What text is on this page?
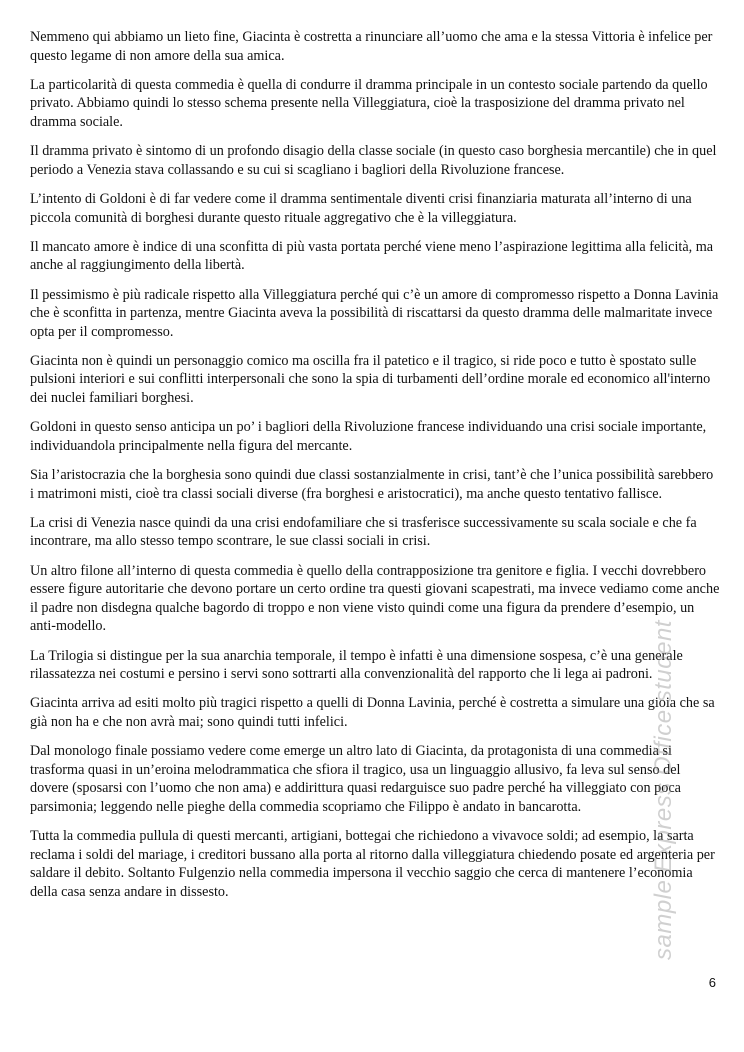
Nemmeno qui abbiamo un lieto fine, Giacinta è costretta a rinunciare all’uomo che ama e la stessa Vittoria è infelice per questo legame di non amore della sua amica.

La particolarità di questa commedia è quella di condurre il dramma principale in un contesto sociale partendo da quello privato. Abbiamo quindi lo stesso schema presente nella Villeggiatura, cioè la trasposizione del dramma privato nel dramma sociale.

Il dramma privato è sintomo di un profondo disagio della classe sociale (in questo caso borghesia mercantile) che in quel periodo a Venezia stava collassando e su cui si scagliano i bagliori della Rivoluzione francese.

L’intento di Goldoni è di far vedere come il dramma sentimentale diventi crisi finanziaria maturata all’interno di una piccola comunità di borghesi durante questo rituale aggregativo che è la villeggiatura.

Il mancato amore è indice di una sconfitta di più vasta portata perché viene meno l’aspirazione legittima alla felicità, ma anche al raggiungimento della libertà.

Il pessimismo è più radicale rispetto alla Villeggiatura perché qui c’è un amore di compromesso rispetto a Donna Lavinia che è sconfitta in partenza, mentre Giacinta aveva la possibilità di riscattarsi da questo dramma delle malmaritate invece opta per il compromesso.

Giacinta non è quindi un personaggio comico ma oscilla fra il patetico e il tragico, si ride poco e tutto è spostato sulle pulsioni interiori e sui conflitti interpersonali che sono la spia di turbamenti dell’ordine morale ed economico all'interno dei nuclei familiari borghesi.

Goldoni in questo senso anticipa un po’ i bagliori della Rivoluzione francese individuando una crisi sociale importante, individuandola principalmente nella figura del mercante.

Sia l’aristocrazia che la borghesia sono quindi due classi sostanzialmente in crisi, tant’è che l’unica possibilità sarebbero i matrimoni misti, cioè tra classi sociali diverse (fra borghesi e aristocratici), ma anche questo tentativo fallisce.

La crisi di Venezia nasce quindi da una crisi endofamiliare che si trasferisce successivamente su scala sociale e che fa incontrare, ma allo stesso tempo scontrare, le sue classi sociali in crisi.

Un altro filone all’interno di questa commedia è quello della contrapposizione tra genitore e figlia. I vecchi dovrebbero essere figure autoritarie che devono portare un certo ordine tra questi giovani scapestrati, ma invece vediamo come anche il padre non disdegna qualche bagordo di troppo e non viene visto quindi come una figura da prendere d’esempio, un anti-modello.

La Trilogia si distingue per la sua anarchia temporale, il tempo è infatti è una dimensione sospesa, c’è una generale rilassatezza nei costumi e persino i servi sono sottrarti alla convenzionalità del rapporto che li lega ai padroni.

Giacinta arriva ad esiti molto più tragici rispetto a quelli di Donna Lavinia, perché è costretta a simulare una gioia che sa già non ha e che non avrà mai; sono quindi tutti infelici.

Dal monologo finale possiamo vedere come emerge un altro lato di Giacinta, da protagonista di una commedia si trasforma quasi in un’eroina melodrammatica che sfiora il tragico, usa un linguaggio allusivo, fa leva sul senso del dovere (sposarsi con l’uomo che non ama) e addirittura quasi redarguisce suo padre perché ha villeggiato con poca parsimonia; leggendo nelle pieghe della commedia scopriamo che Filippo è andato in bancarotta.

Tutta la commedia pullula di questi mercanti, artigiani, bottegai che richiedono a vivavoce soldi; ad esempio, la sarta reclama i soldi del mariage, i creditori bussano alla porta al ritorno dalla villeggiatura chiedendo posate ed argenteria per saldare il debito. Soltanto Fulgenzio nella commedia impersona il vecchio saggio che cerca di mantenere l’economia della casa senza andare in dissesto.	sample Express Office student
6
